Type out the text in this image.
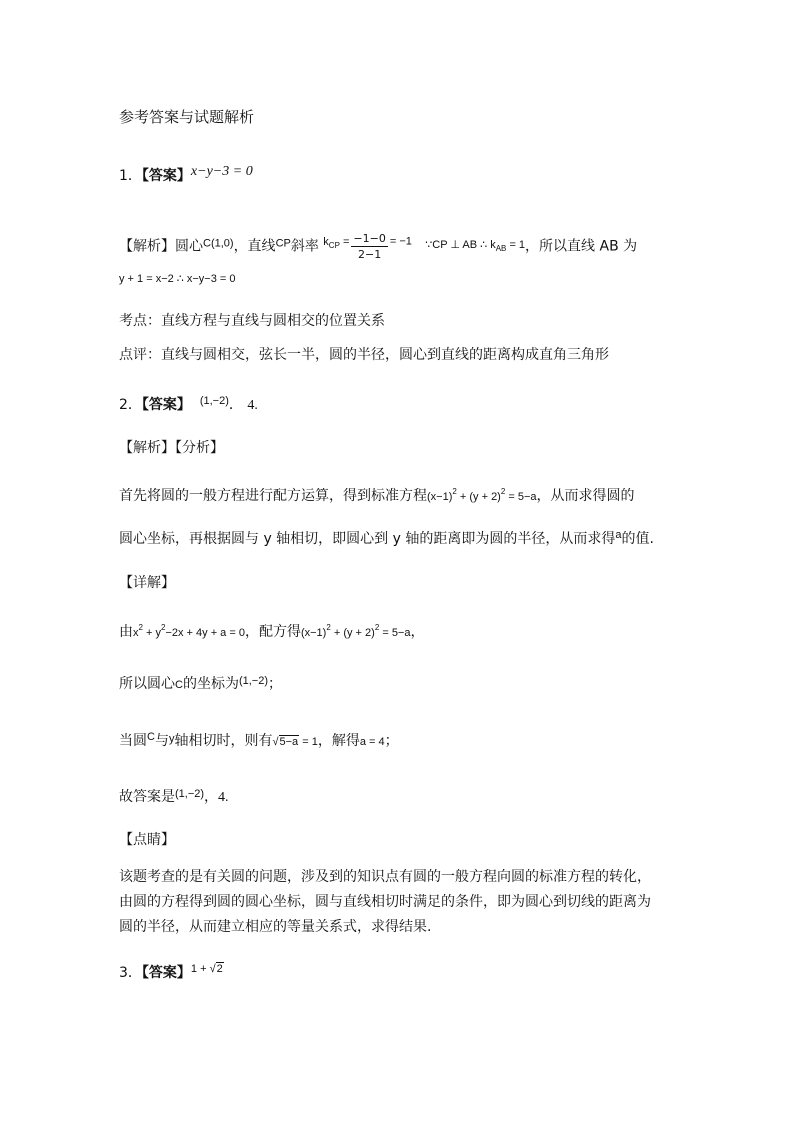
参考答案与试题解析
1．【答案】x−y−3 = 0
【解析】圆心$^{C(1,0)}$，直线$^{CP}$斜率 $^{k_{CP} =} \frac{-1-0}{2-1} ^{= -1}$ $^{\because CP \perp AB \therefore k_{AB} = 1}$，所以直线 AB 为
y + 1 = x−2 ∴ x−y−3 = 0
考点：直线方程与直线与圆相交的位置关系
点评：直线与圆相交，弦长一半，圆的半径，圆心到直线的距离构成直角三角形
2．【答案】 $^{(1,-2)}$． 4.
【解析】【分析】
首先将圆的一般方程进行配方运算，得到标准方程$(x-1)^2 + (y + 2)^2 = 5-a$，从而求得圆的
圆心坐标，再根据圆与 y 轴相切，即圆心到 y 轴的距离即为圆的半径，从而求得$^a$的值.
【详解】
由$x^2 + y^2-2x + 4y + a = 0$，配方得$(x-1)^2 + (y + 2)^2 = 5-a$，
所以圆心C的坐标为$^{(1,-2)}$；
当圆$^C$与$^y$轴相切时，则有√5−a = 1，解得a = 4；
故答案是$^{(1,-2)}$，4.
【点睛】
该题考查的是有关圆的问题，涉及到的知识点有圆的一般方程向圆的标准方程的转化，
由圆的方程得到圆的圆心坐标，圆与直线相切时满足的条件，即为圆心到切线的距离为
圆的半径，从而建立相应的等量关系式，求得结果.
3．【答案】$^{1 + √2}$
